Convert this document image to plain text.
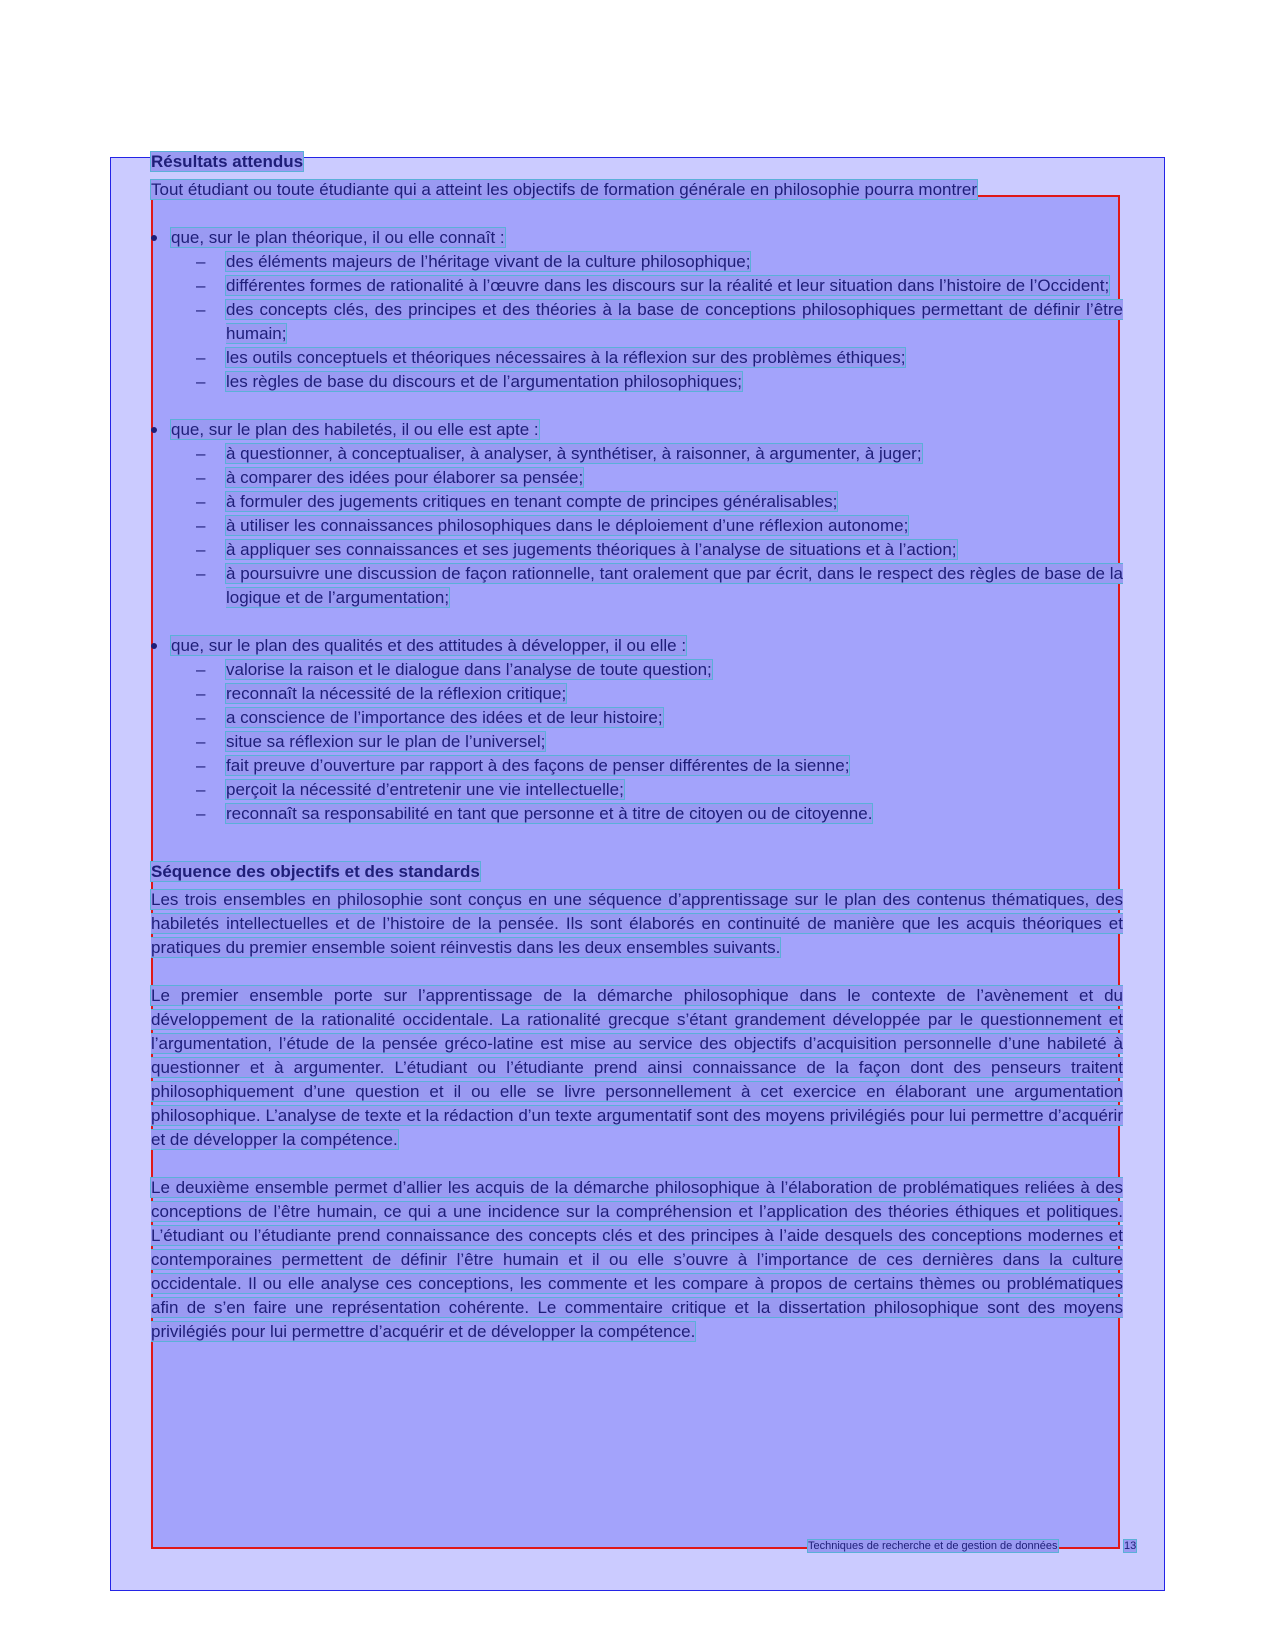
Résultats attendus

Tout étudiant ou toute étudiante qui a atteint les objectifs de formation générale en philosophie pourra montrer

que, sur le plan théorique, il ou elle connaît :
– des éléments majeurs de l’héritage vivant de la culture philosophique;
– différentes formes de rationalité à l’œuvre dans les discours sur la réalité et leur situation dans l’histoire de l’Occident;
– des concepts clés, des principes et des théories à la base de conceptions philosophiques permettant de définir l’être humain;
– les outils conceptuels et théoriques nécessaires à la réflexion sur des problèmes éthiques;
– les règles de base du discours et de l’argumentation philosophiques;
que, sur le plan des habiletés, il ou elle est apte :
– à questionner, à conceptualiser, à analyser, à synthétiser, à raisonner, à argumenter, à juger;
– à comparer des idées pour élaborer sa pensée;
– à formuler des jugements critiques en tenant compte de principes généralisables;
– à utiliser les connaissances philosophiques dans le déploiement d’une réflexion autonome;
– à appliquer ses connaissances et ses jugements théoriques à l’analyse de situations et à l’action;
– à poursuivre une discussion de façon rationnelle, tant oralement que par écrit, dans le respect des règles de base de la logique et de l’argumentation;
que, sur le plan des qualités et des attitudes à développer, il ou elle :
– valorise la raison et le dialogue dans l’analyse de toute question;
– reconnaît la nécessité de la réflexion critique;
– a conscience de l’importance des idées et de leur histoire;
– situe sa réflexion sur le plan de l’universel;
– fait preuve d’ouverture par rapport à des façons de penser différentes de la sienne;
– perçoit la nécessité d’entretenir une vie intellectuelle;
– reconnaît sa responsabilité en tant que personne et à titre de citoyen ou de citoyenne.
Séquence des objectifs et des standards

Les trois ensembles en philosophie sont conçus en une séquence d’apprentissage sur le plan des contenus thématiques, des habiletés intellectuelles et de l’histoire de la pensée. Ils sont élaborés en continuité de manière que les acquis théoriques et pratiques du premier ensemble soient réinvestis dans les deux ensembles suivants.

Le premier ensemble porte sur l’apprentissage de la démarche philosophique dans le contexte de l’avènement et du développement de la rationalité occidentale. La rationalité grecque s’étant grandement développée par le questionnement et l’argumentation, l’étude de la pensée gréco-latine est mise au service des objectifs d’acquisition personnelle d’une habileté à questionner et à argumenter. L’étudiant ou l’étudiante prend ainsi connaissance de la façon dont des penseurs traitent philosophiquement d’une question et il ou elle se livre personnellement à cet exercice en élaborant une argumentation philosophique. L’analyse de texte et la rédaction d’un texte argumentatif sont des moyens privilégiés pour lui permettre d’acquérir et de développer la compétence.

Le deuxième ensemble permet d’allier les acquis de la démarche philosophique à l’élaboration de problématiques reliées à des conceptions de l’être humain, ce qui a une incidence sur la compréhension et l’application des théories éthiques et politiques. L’étudiant ou l’étudiante prend connaissance des concepts clés et des principes à l’aide desquels des conceptions modernes et contemporaines permettent de définir l’être humain et il ou elle s’ouvre à l’importance de ces dernières dans la culture occidentale. Il ou elle analyse ces conceptions, les commente et les compare à propos de certains thèmes ou problématiques afin de s’en faire une représentation cohérente. Le commentaire critique et la dissertation philosophique sont des moyens privilégiés pour lui permettre d’acquérir et de développer la compétence.

Techniques de recherche et de gestion de données	13
